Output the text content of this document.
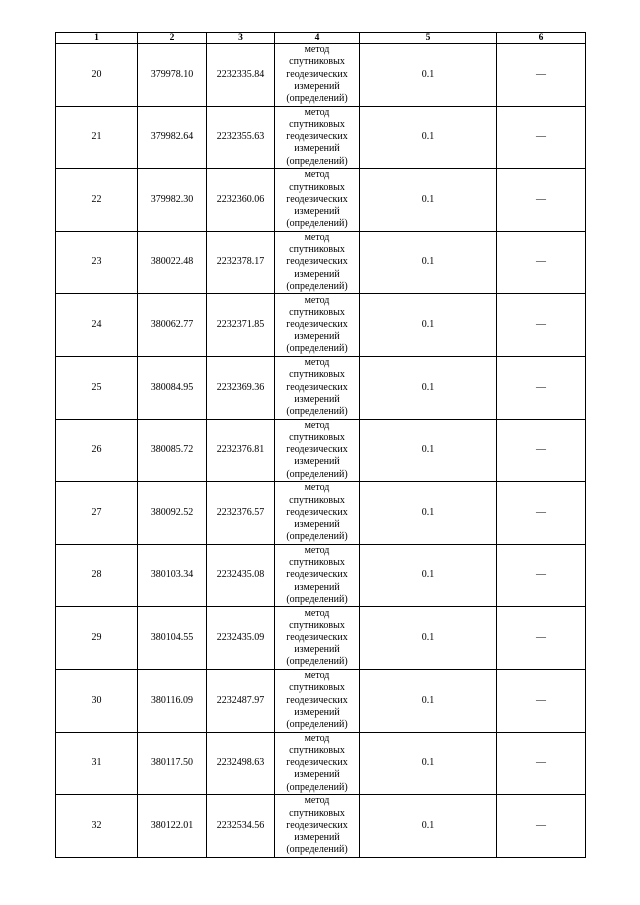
1	2	3	4	5	6
20	379978.10	2232335.84	метод
спутниковых
геодезических
измерений
(определений)	0.1	—
21	379982.64	2232355.63	метод
спутниковых
геодезических
измерений
(определений)	0.1	—
22	379982.30	2232360.06	метод
спутниковых
геодезических
измерений
(определений)	0.1	—
23	380022.48	2232378.17	метод
спутниковых
геодезических
измерений
(определений)	0.1	—
24	380062.77	2232371.85	метод
спутниковых
геодезических
измерений
(определений)	0.1	—
25	380084.95	2232369.36	метод
спутниковых
геодезических
измерений
(определений)	0.1	—
26	380085.72	2232376.81	метод
спутниковых
геодезических
измерений
(определений)	0.1	—
27	380092.52	2232376.57	метод
спутниковых
геодезических
измерений
(определений)	0.1	—
28	380103.34	2232435.08	метод
спутниковых
геодезических
измерений
(определений)	0.1	—
29	380104.55	2232435.09	метод
спутниковых
геодезических
измерений
(определений)	0.1	—
30	380116.09	2232487.97	метод
спутниковых
геодезических
измерений
(определений)	0.1	—
31	380117.50	2232498.63	метод
спутниковых
геодезических
измерений
(определений)	0.1	—
32	380122.01	2232534.56	метод
спутниковых
геодезических
измерений
(определений)	0.1	—
